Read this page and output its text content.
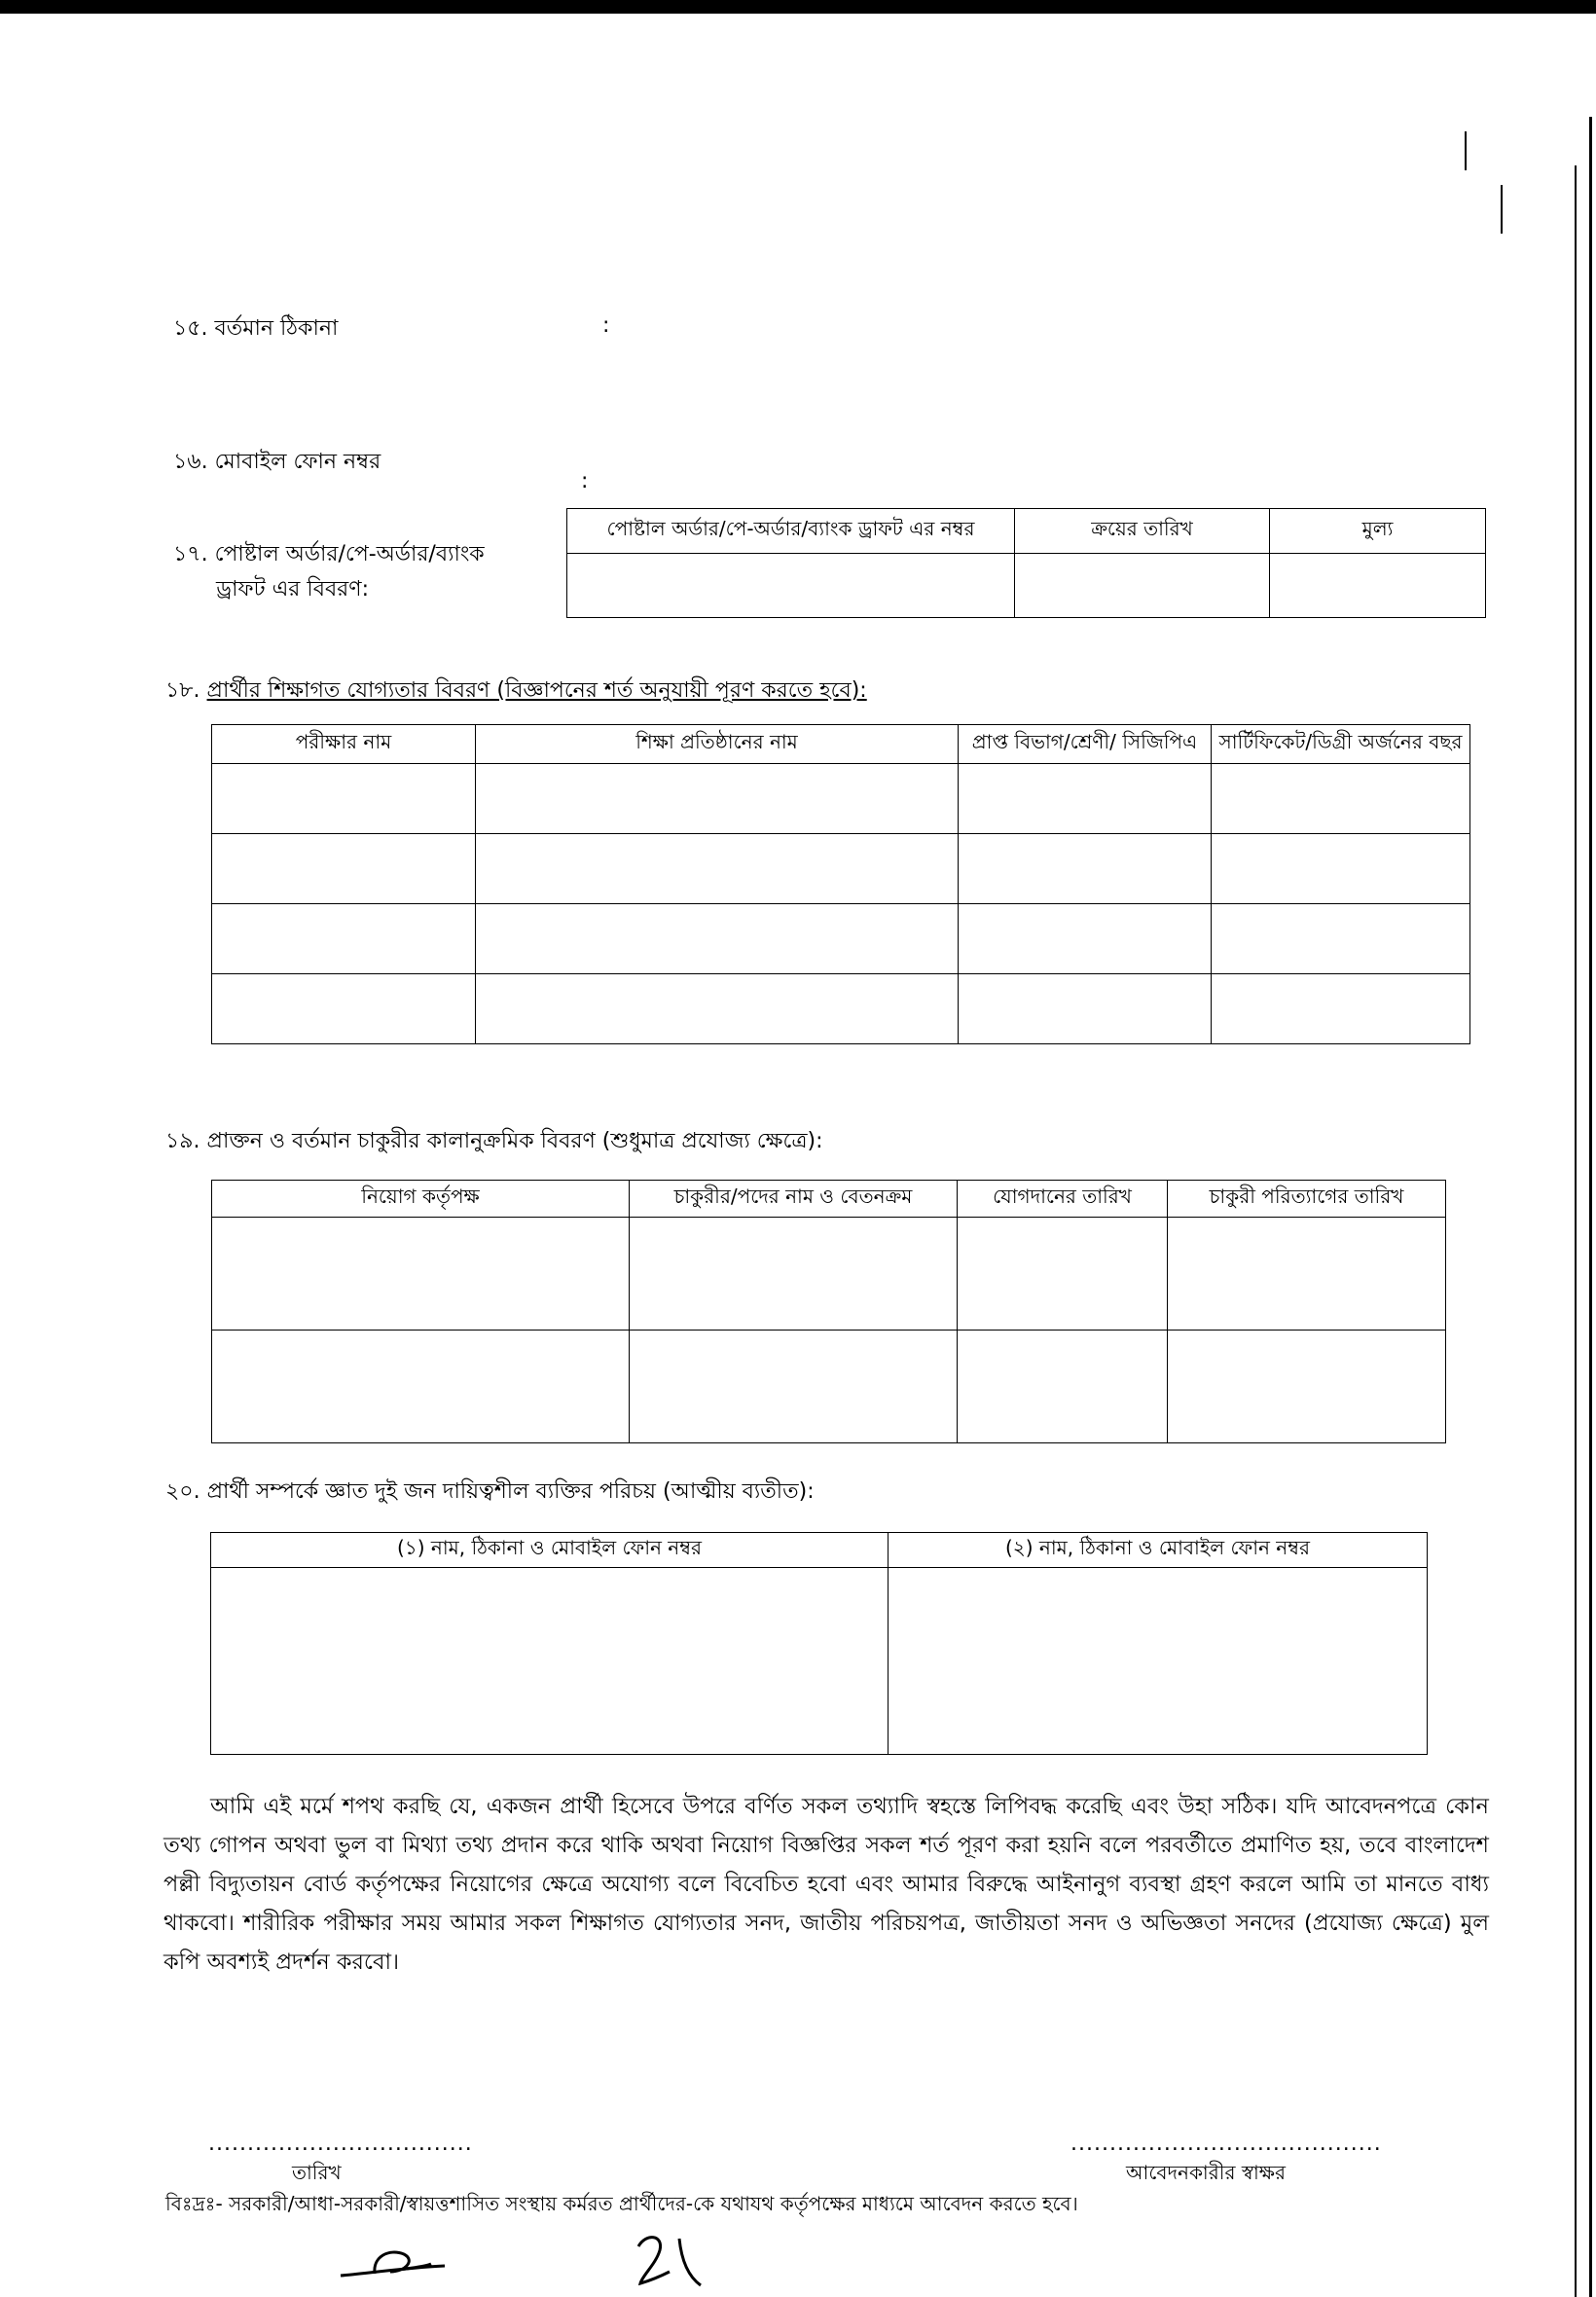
১৫. বর্তমান ঠিকানা	:
১৬. মোবাইল ফোন নম্বর
:
১৭. পোষ্টাল অর্ডার/পে-অর্ডার/ব্যাংক
ড্রাফট এর বিবরণ:
পোষ্টাল অর্ডার/পে-অর্ডার/ব্যাংক ড্রাফট এর নম্বর	ক্রয়ের তারিখ	মুল্য

১৮. প্রার্থীর শিক্ষাগত যোগ্যতার বিবরণ (বিজ্ঞাপনের শর্ত অনুযায়ী পূরণ করতে হবে):
পরীক্ষার নাম	শিক্ষা প্রতিষ্ঠানের নাম	প্রাপ্ত বিভাগ/শ্রেণী/ সিজিপিএ	সার্টিফিকেট/ডিগ্রী অর্জনের বছর

১৯. প্রাক্তন ও বর্তমান চাকুরীর কালানুক্রমিক বিবরণ (শুধুমাত্র প্রযোজ্য ক্ষেত্রে):
নিয়োগ কর্তৃপক্ষ	চাকুরীর/পদের নাম ও বেতনক্রম	যোগদানের তারিখ	চাকুরী পরিত্যাগের তারিখ

২০. প্রার্থী সম্পর্কে জ্ঞাত দুই জন দায়িত্বশীল ব্যক্তির পরিচয় (আত্মীয় ব্যতীত):
(১) নাম, ঠিকানা ও মোবাইল ফোন নম্বর	(২) নাম, ঠিকানা ও মোবাইল ফোন নম্বর

আমি এই মর্মে শপথ করছি যে, একজন প্রার্থী হিসেবে উপরে বর্ণিত সকল তথ্যাদি স্বহস্তে লিপিবদ্ধ করেছি এবং উহা সঠিক। যদি আবেদনপত্রে কোন তথ্য গোপন অথবা ভুল বা মিথ্যা তথ্য প্রদান করে থাকি অথবা নিয়োগ বিজ্ঞপ্তির সকল শর্ত পূরণ করা হয়নি বলে পরবর্তীতে প্রমাণিত হয়, তবে বাংলাদেশ পল্লী বিদ্যুতায়ন বোর্ড কর্তৃপক্ষের নিয়োগের ক্ষেত্রে অযোগ্য বলে বিবেচিত হবো এবং আমার বিরুদ্ধে আইনানুগ ব্যবস্থা গ্রহণ করলে আমি তা মানতে বাধ্য থাকবো। শারীরিক পরীক্ষার সময় আমার সকল শিক্ষাগত যোগ্যতার সনদ, জাতীয় পরিচয়পত্র, জাতীয়তা সনদ ও অভিজ্ঞতা সনদের (প্রযোজ্য ক্ষেত্রে) মুল কপি অবশ্যই প্রদর্শন করবো।
..................................
তারিখ
........................................
আবেদনকারীর স্বাক্ষর
বিঃদ্রঃ- সরকারী/আধা-সরকারী/স্বায়ত্তশাসিত সংস্থায় কর্মরত প্রার্থীদের-কে যথাযথ কর্তৃপক্ষের মাধ্যমে আবেদন করতে হবে।
